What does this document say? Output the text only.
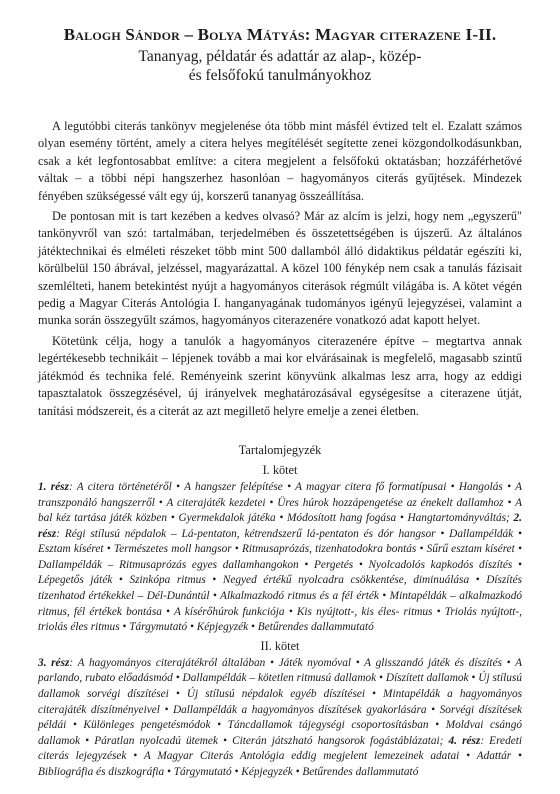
Balogh Sándor – Bolya Mátyás: Magyar citerazene I-II.

Tananyag, példatár és adattár az alap-, közép-
és felsőfokú tanulmányokhoz

A legutóbbi citerás tankönyv megjelenése óta több mint másfél évtized telt el. Ezalatt számos olyan esemény történt, amely a citera helyes megítélését segítette zenei közgondolkodásunkban, csak a két legfontosabbat említve: a citera megjelent a felsőfokú oktatásban; hozzáférhetővé váltak – a többi népi hangszerhez hasonlóan – hagyományos citerás gyűjtések. Mindezek fényében szükségessé vált egy új, korszerű tananyag összeállítása.

De pontosan mit is tart kezében a kedves olvasó? Már az alcím is jelzi, hogy nem „egyszerű" tankönyvről van szó: tartalmában, terjedelmében és összetettségében is újszerű. Az általános játéktechnikai és elméleti részeket több mint 500 dallamból álló didaktikus példatár egészíti ki, körülbelül 150 ábrával, jelzéssel, magyarázattal. A közel 100 fénykép nem csak a tanulás fázisait szemlélteti, hanem betekintést nyújt a hagyományos citerások régmúlt világába is. A kötet végén pedig a Magyar Citerás Antológia I. hanganyagának tudományos igényű lejegyzései, valamint a munka során összegyűlt számos, hagyományos citerazenére vonatkozó adat kapott helyet.

Kötetünk célja, hogy a tanulók a hagyományos citerazenére építve – megtartva annak legértékesebb technikáit – lépjenek tovább a mai kor elvárásainak is megfelelő, magasabb szintű játékmód és technika felé. Reményeink szerint könyvünk alkalmas lesz arra, hogy az eddigi tapasztalatok összegzésével, új irányelvek meghatározásával egységesítse a citerazene útját, tanítási módszereit, és a citerát az azt megillető helyre emelje a zenei életben.

Tartalomjegyzék
I. kötet

1. rész: A citera történetéről • A hangszer felépítése • A magyar citera fő formatípusai • Hangolás • A transzponáló hangszerről • A citerajáték kezdetei • Üres húrok hozzápengetése az énekelt dallamhoz • A bal kéz tartása játék közben • Gyermekdalok játéka • Módosított hang fogása • Hangtartományváltás; 2. rész: Régi stílusú népdalok – Lá-pentaton, kétrendszerű lá-pentaton és dór hangsor • Dallampéldák • Esztam kíséret • Természetes moll hangsor • Ritmusaprózás, tizenhatodokra bontás • Sűrű esztam kíséret • Dallampéldák – Ritmusaprózás egyes dallamhangokon • Pergetés • Nyolcadolós kapkodós díszítés • Lépegetős játék • Szinkópa ritmus • Negyed értékű nyolcadra csökkentése, diminuálása • Díszítés tizenhatod értékekkel – Dél-Dunántúl • Alkalmazkodó ritmus és a fél érték • Mintapéldák – alkalmazkodó ritmus, fél értékek bontása • A kísérőhúrok funkciója • Kis nyújtott-, kis éles- ritmus • Triolás nyújtott-, triolás éles ritmus • Tárgymutató • Képjegyzék • Betűrendes dallammutató

II. kötet

3. rész: A hagyományos citerajátékról általában • Játék nyomóval • A glisszandó játék és díszítés • A parlando, rubato előadásmód • Dallampéldák – kötetlen ritmusú dallamok • Díszített dallamok • Új stílusú dallamok sorvégi díszítései • Új stílusú népdalok egyéb díszítései • Mintapéldák a hagyományos citerajáték díszítményeivel • Dallampéldák a hagyományos díszítések gyakorlására • Sorvégi díszítések példái • Különleges pengetésmódok • Táncdallamok tájegységi csoportosításban • Moldvai csángó dallamok • Páratlan nyolcadú ütemek • Citerán játszható hangsorok fogástáblázatai; 4. rész: Eredeti citerás lejegyzések • A Magyar Citerás Antológia eddig megjelent lemezeinek adatai • Adattár • Bibliográfia és diszkográfia • Tárgymutató • Képjegyzék • Betűrendes dallammutató
